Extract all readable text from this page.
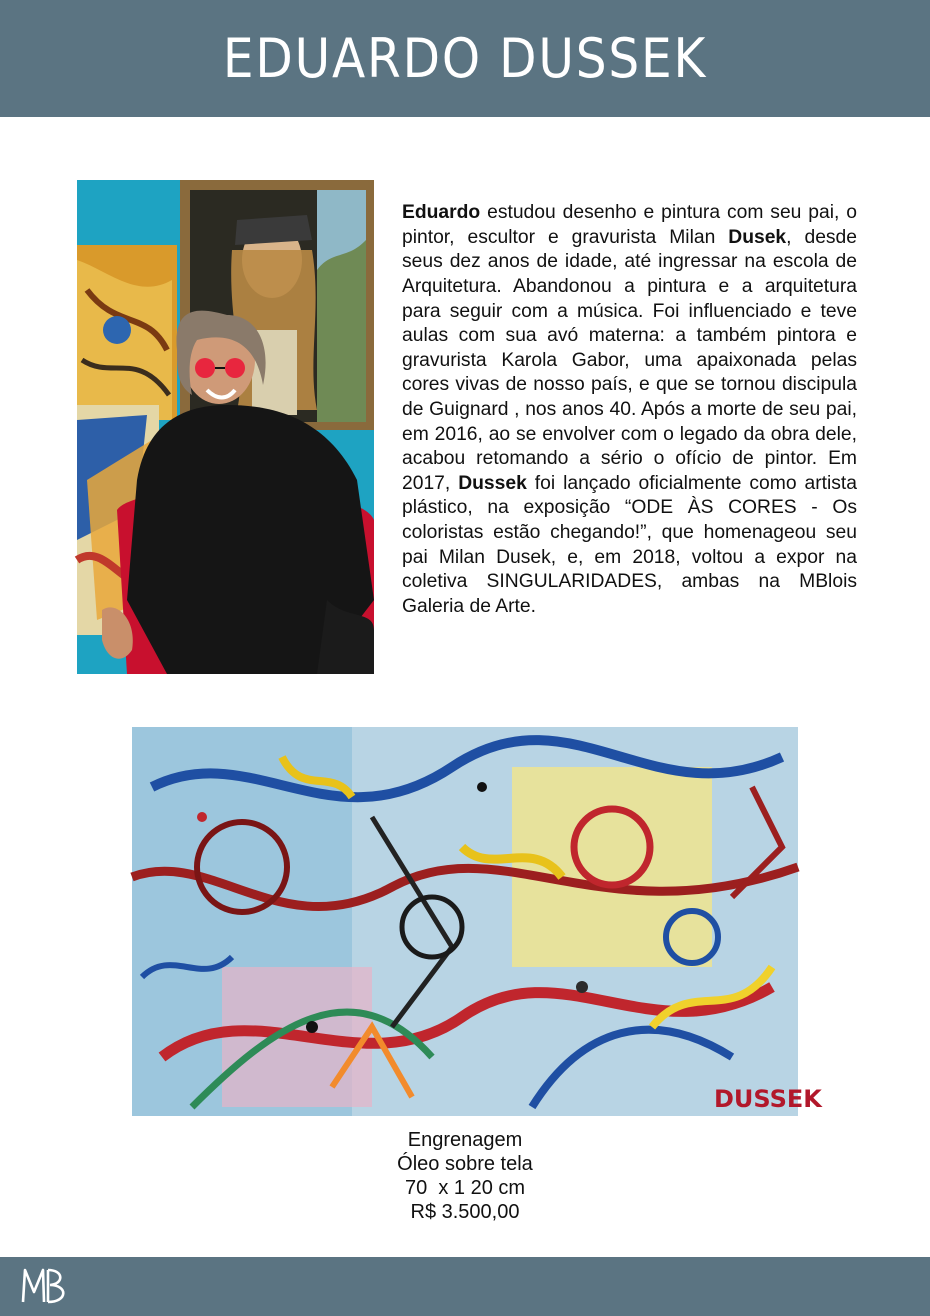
EDUARDO DUSSEK

Eduardo estudou desenho e pintura com seu pai, o pintor, escultor e gravurista Milan Dusek, desde seus dez anos de idade, até ingressar na escola de Arquitetura. Abandonou a pintura e a arquitetura para seguir com a música. Foi influenciado e teve aulas com sua avó materna: a também pintora e gravurista Karola Gabor, uma apaixonada pelas cores vivas de nosso país, e que se tornou discipula de Guignard , nos anos 40. Após a morte de seu pai, em 2016, ao se envolver com o legado da obra dele, acabou retomando a sério o ofício de pintor. Em 2017, Dussek foi lançado oficialmente como artista plástico, na exposição “ODE ÀS CORES - Os coloristas estão chegando!”, que homenageou seu pai Milan Dusek, e, em 2018, voltou a expor na coletiva SINGULARIDADES, ambas na MBlois Galeria de Arte.

DUSSEK
Engrenagem
Óleo sobre tela
70  x 1 20 cm
R$ 3.500,00
